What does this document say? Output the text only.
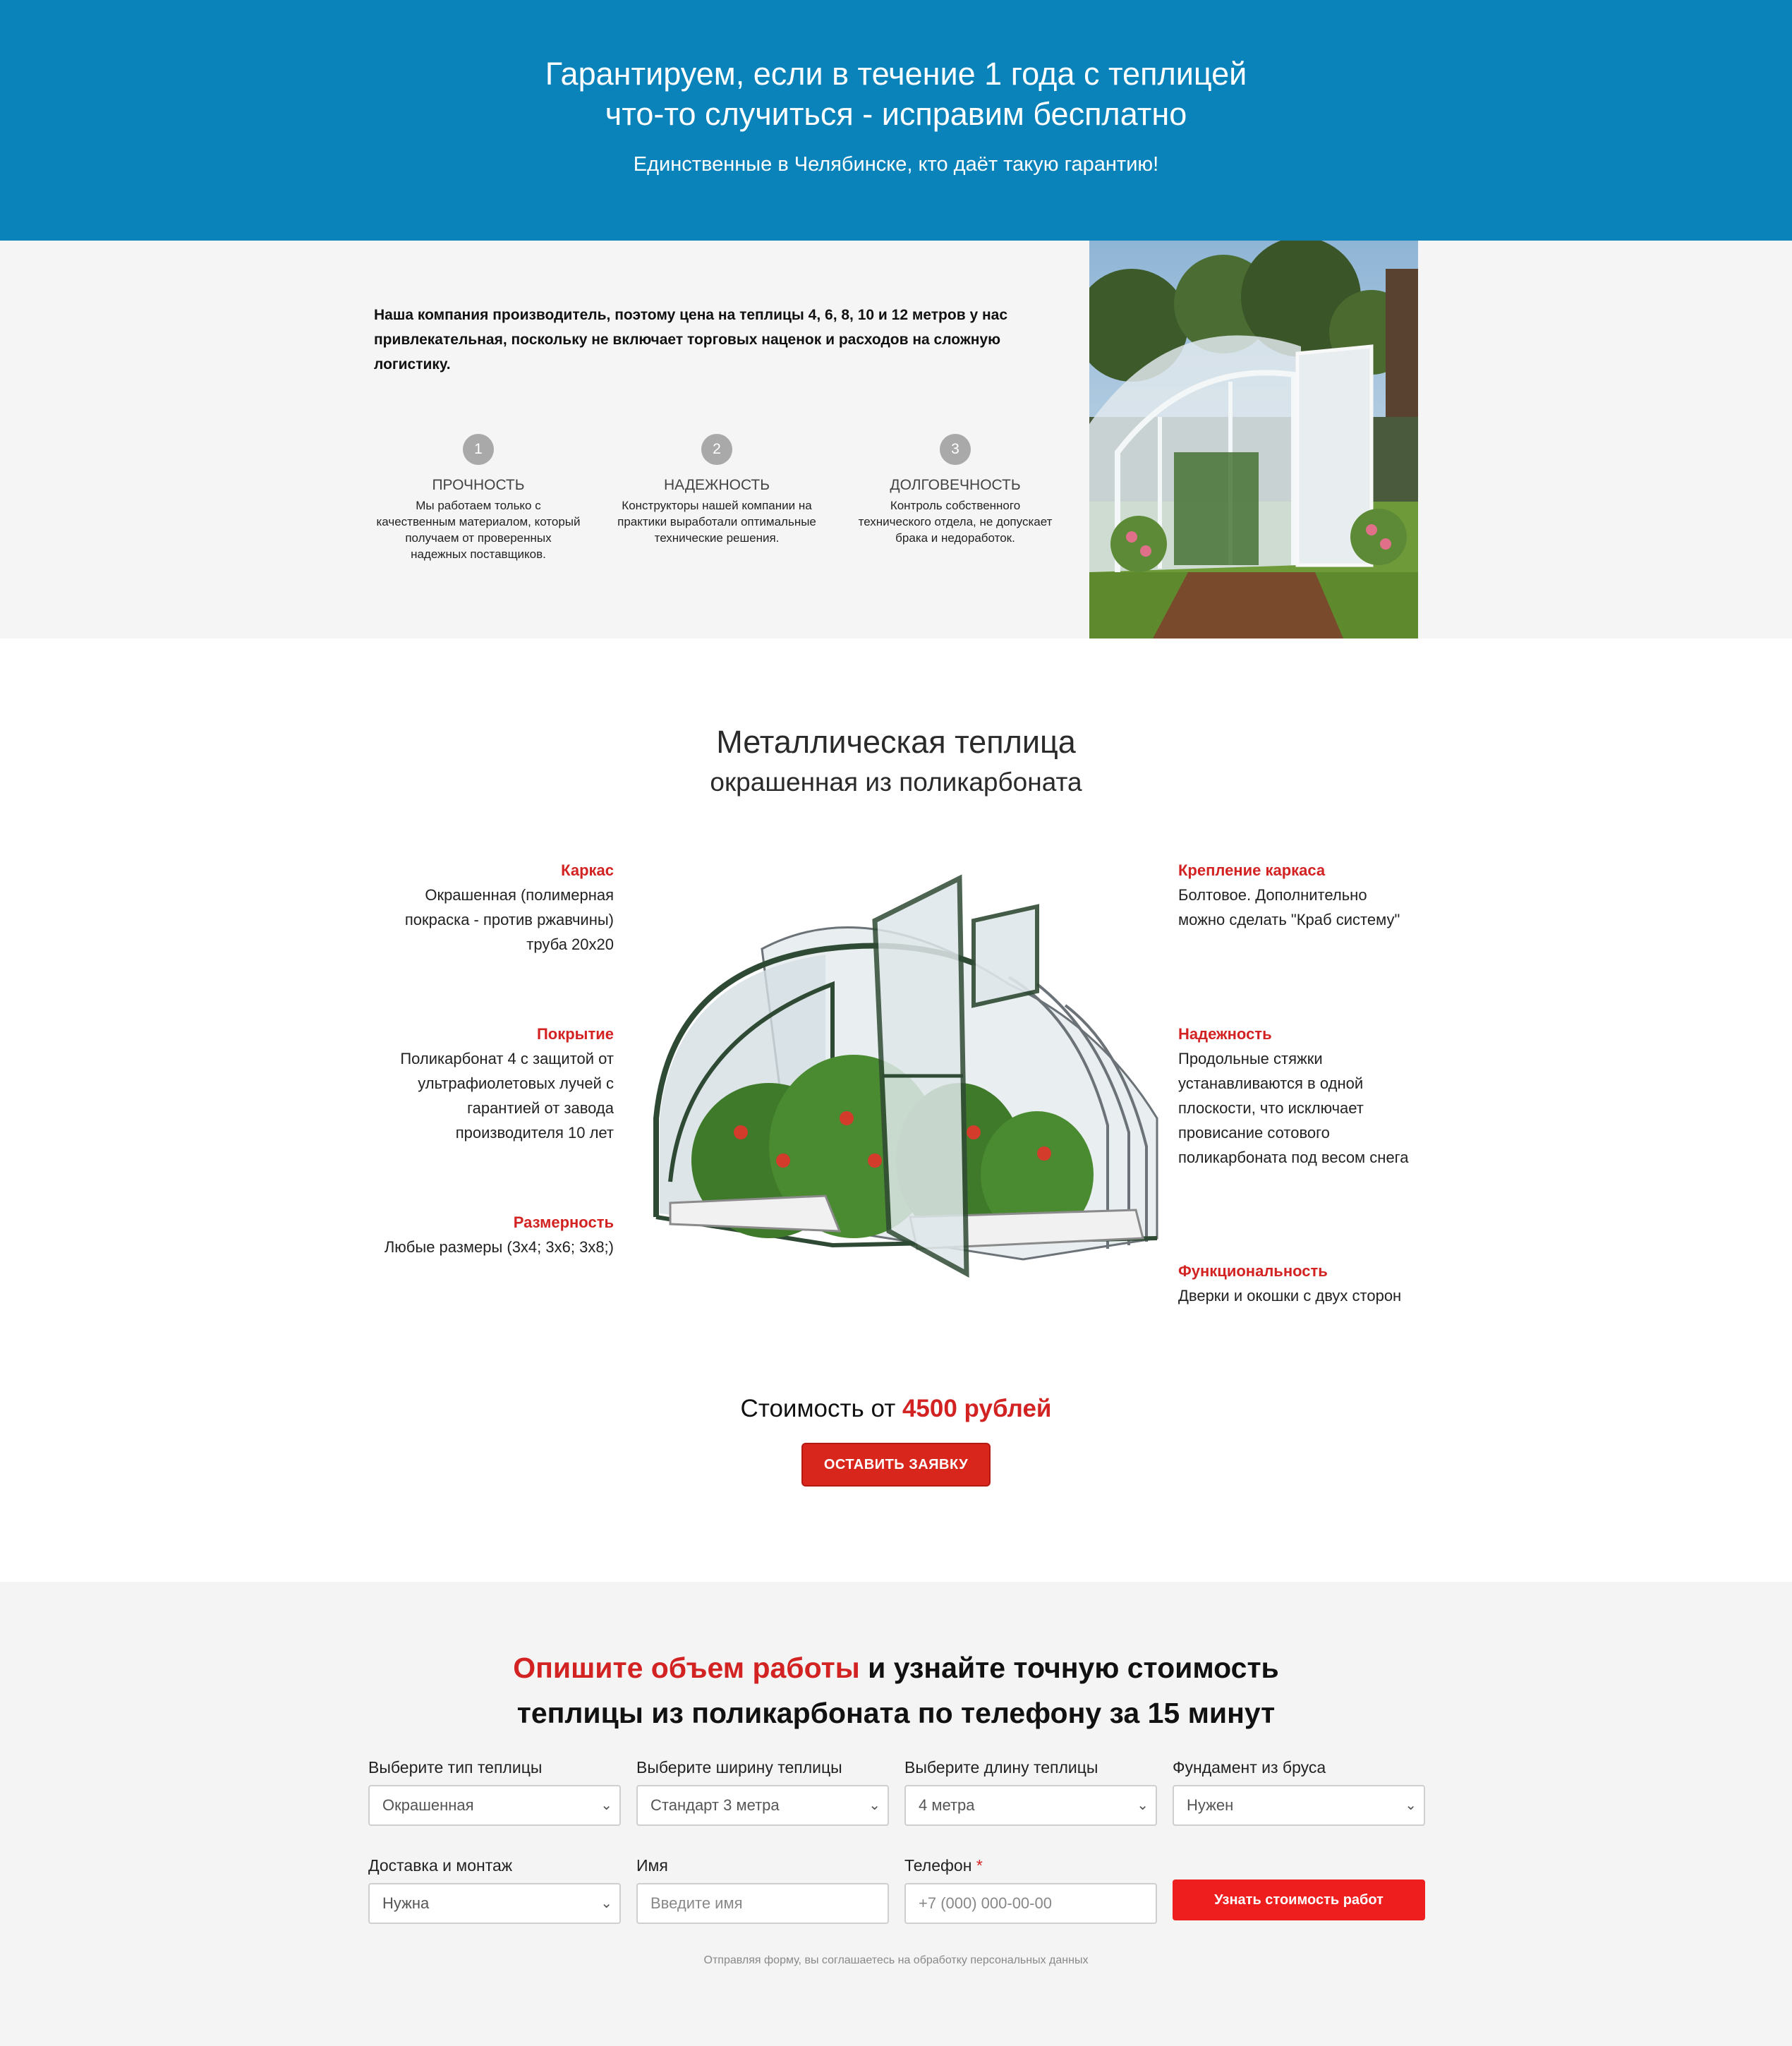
Гарантируем, если в течение 1 года с теплицей
что-то случиться - исправим бесплатно
Единственные в Челябинске, кто даёт такую гарантию!
Наша компания производитель, поэтому цена на теплицы 4, 6, 8, 10 и 12 метров у нас привлекательная, поскольку не включает торговых наценок и расходов на сложную логистику.
1
ПРОЧНОСТЬ
Мы работаем только с качественным материалом, который получаем от проверенных надежных поставщиков.
2
НАДЕЖНОСТЬ
Конструкторы нашей компании на практики выработали оптимальные технические решения.
3
ДОЛГОВЕЧНОСТЬ
Контроль собственного технического отдела, не допускает брака и недоработок.
Металлическая теплица
окрашенная из поликарбоната
Каркас
Окрашенная (полимерная покраска - против ржавчины) труба 20х20
Покрытие
Поликарбонат 4 с защитой от ультрафиолетовых лучей с гарантией от завода производителя 10 лет
Размерность
Любые размеры (3х4; 3х6; 3х8;)
Крепление каркаса
Болтовое. Дополнительно можно сделать "Краб систему"
Надежность
Продольные стяжки устанавливаются в одной плоскости, что исключает провисание сотового поликарбоната под весом снега
Функциональность
Дверки и окошки с двух сторон
Стоимость от 4500 рублей
ОСТАВИТЬ ЗАЯВКУ
Опишите объем работы и узнайте точную стоимость
теплицы из поликарбоната по телефону за 15 минут
Выберите тип теплицы
Окрашенная	⌄
Выберите ширину теплицы
Стандарт 3 метра	⌄
Выберите длину теплицы
4 метра	⌄
Фундамент из бруса
Нужен	⌄
Доставка и монтаж
Нужна	⌄
Имя
Введите имя
Телефон *
+7 (000) 000-00-00	Узнать стоимость работ
Отправляя форму, вы соглашаетесь на обработку персональных данных
